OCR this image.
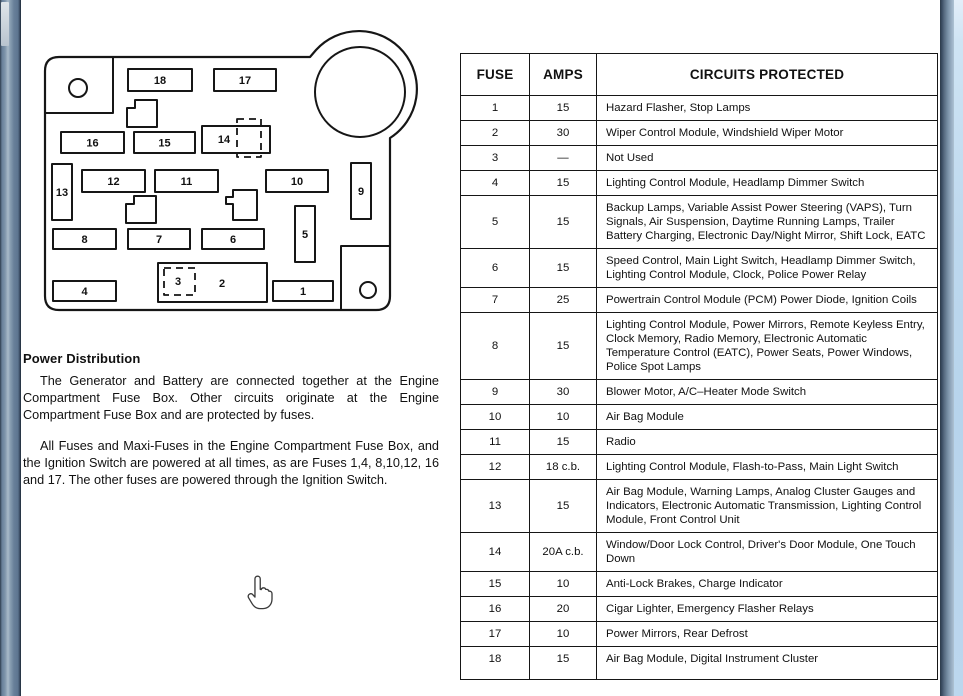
18	17
16	15	14
13
12	11	10
9
5
8	7	6
4
3	2
1
Power Distribution

The Generator and Battery are connected together at the Engine Compartment Fuse Box. Other circuits originate at the Engine Compartment Fuse Box and are protected by fuses.

All Fuses and Maxi-Fuses in the Engine Compartment Fuse Box, and the Ignition Switch are powered at all times, as are Fuses 1,4, 8,10,12, 16 and 17. The other fuses are powered through the Ignition Switch.

FUSE	AMPS	CIRCUITS PROTECTED
1	15	Hazard Flasher, Stop Lamps
2	30	Wiper Control Module, Windshield Wiper Motor
3	—	Not Used
4	15	Lighting Control Module, Headlamp Dimmer Switch
5	15	Backup Lamps, Variable Assist Power Steering (VAPS), Turn Signals, Air Suspension, Daytime Running Lamps, Trailer Battery Charging, Electronic Day/Night Mirror, Shift Lock, EATC
6	15	Speed Control, Main Light Switch, Headlamp Dimmer Switch, Lighting Control Module, Clock, Police Power Relay
7	25	Powertrain Control Module (PCM) Power Diode, Ignition Coils
8	15	Lighting Control Module, Power Mirrors, Remote Keyless Entry, Clock Memory, Radio Memory, Electronic Automatic Temperature Control (EATC), Power Seats, Power Windows, Police Spot Lamps
9	30	Blower Motor, A/C–Heater Mode Switch
10	10	Air Bag Module
11	15	Radio
12	18 c.b.	Lighting Control Module, Flash-to-Pass, Main Light Switch
13	15	Air Bag Module, Warning Lamps, Analog Cluster Gauges and Indicators, Electronic Automatic Transmission, Lighting Control Module, Front Control Unit
14	20A c.b.	Window/Door Lock Control, Driver's Door Module, One Touch Down
15	10	Anti-Lock Brakes, Charge Indicator
16	20	Cigar Lighter, Emergency Flasher Relays
17	10	Power Mirrors, Rear Defrost
18	15	Air Bag Module, Digital Instrument Cluster
